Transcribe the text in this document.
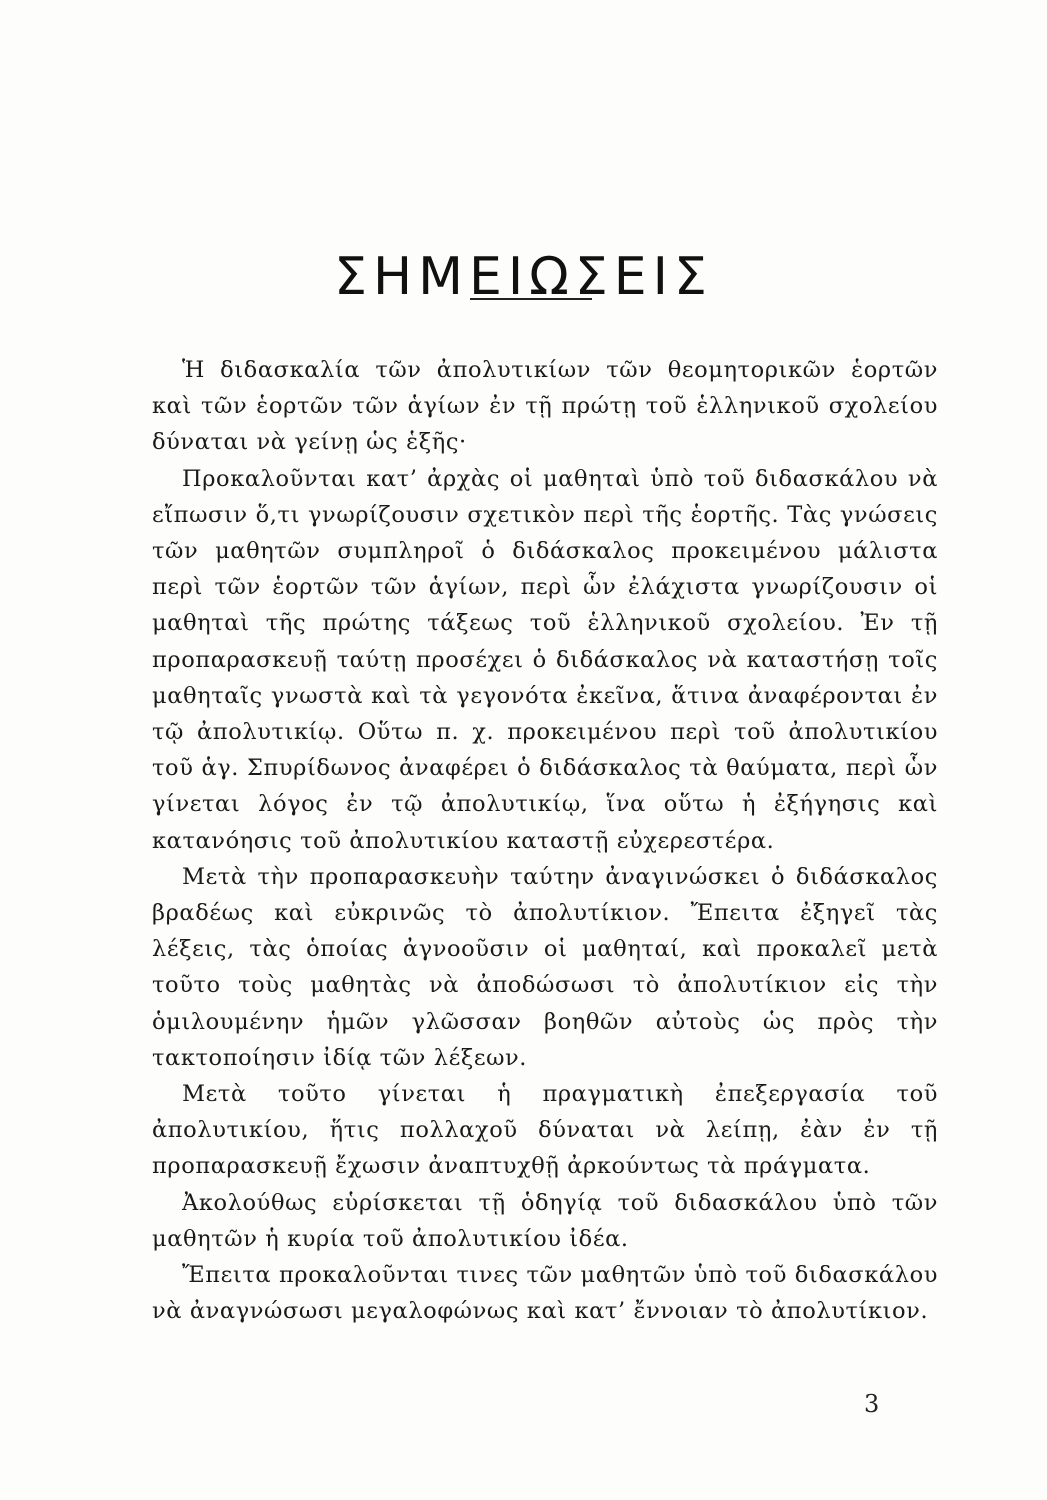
ΣΗΜΕΙΩΣΕΙΣ

Ἡ διδασκαλία τῶν ἀπολυτικίων τῶν θεομητορικῶν ἑορτῶν καὶ τῶν ἑορτῶν τῶν ἁγίων ἐν τῇ πρώτῃ τοῦ ἑλληνικοῦ σχολείου δύναται νὰ γείνῃ ὡς ἑξῆς·

Προκαλοῦνται κατ’ ἀρχὰς οἱ μαθηταὶ ὑπὸ τοῦ διδασκάλου νὰ εἴπωσιν ὅ,τι γνωρίζουσιν σχετικὸν περὶ τῆς ἑορτῆς. Τὰς γνώσεις τῶν μαθητῶν συμπληροῖ ὁ διδάσκαλος προκειμένου μάλιστα περὶ τῶν ἑορτῶν τῶν ἁγίων, περὶ ὧν ἐλάχιστα γνωρίζουσιν οἱ μαθηταὶ τῆς πρώτης τάξεως τοῦ ἑλληνικοῦ σχολείου. Ἐν τῇ προπαρασκευῇ ταύτῃ προσέχει ὁ διδάσκαλος νὰ καταστήσῃ τοῖς μαθηταῖς γνωστὰ καὶ τὰ γεγονότα ἐκεῖνα, ἅτινα ἀναφέρονται ἐν τῷ ἀπολυτικίῳ. Οὕτω π. χ. προκειμένου περὶ τοῦ ἀπολυτικίου τοῦ ἁγ. Σπυρίδωνος ἀναφέρει ὁ διδάσκαλος τὰ θαύματα, περὶ ὧν γίνεται λόγος ἐν τῷ ἀπολυτικίῳ, ἵνα οὕτω ἡ ἐξήγησις καὶ κατανόησις τοῦ ἀπολυτικίου καταστῇ εὐχερεστέρα.

Μετὰ τὴν προπαρασκευὴν ταύτην ἀναγινώσκει ὁ διδάσκαλος βραδέως καὶ εὐκρινῶς τὸ ἀπολυτίκιον. Ἔπειτα ἐξηγεῖ τὰς λέξεις, τὰς ὁποίας ἀγνοοῦσιν οἱ μαθηταί, καὶ προκαλεῖ μετὰ τοῦτο τοὺς μαθητὰς νὰ ἀποδώσωσι τὸ ἀπολυτίκιον εἰς τὴν ὁμιλουμένην ἡμῶν γλῶσσαν βοηθῶν αὐτοὺς ὡς πρὸς τὴν τακτοποίησιν ἰδίᾳ τῶν λέξεων.

Μετὰ τοῦτο γίνεται ἡ πραγματικὴ ἐπεξεργασία τοῦ ἀπολυτικίου, ἥτις πολλαχοῦ δύναται νὰ λείπῃ, ἐὰν ἐν τῇ προπαρασκευῇ ἔχωσιν ἀναπτυχθῇ ἀρκούντως τὰ πράγματα.

Ἀκολούθως εὑρίσκεται τῇ ὁδηγίᾳ τοῦ διδασκάλου ὑπὸ τῶν μαθητῶν ἡ κυρία τοῦ ἀπολυτικίου ἰδέα.

Ἔπειτα προκαλοῦνται τινες τῶν μαθητῶν ὑπὸ τοῦ διδασκάλου νὰ ἀναγνώσωσι μεγαλοφώνως καὶ κατ’ ἔννοιαν τὸ ἀπολυτίκιον.

3
